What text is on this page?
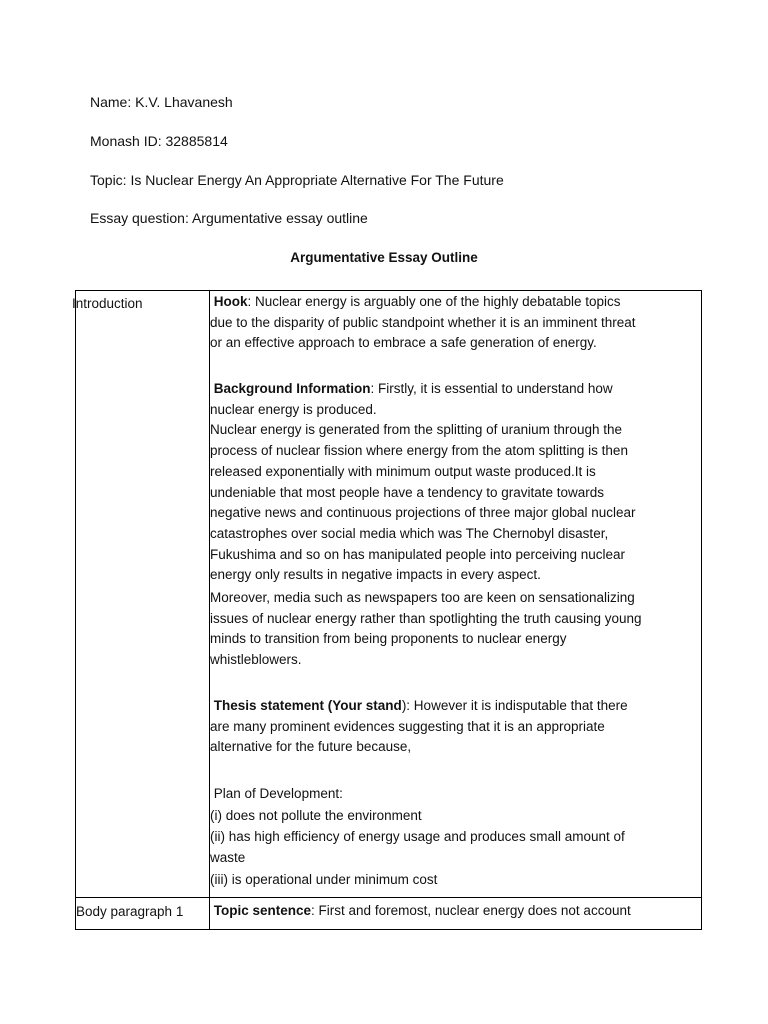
Name: K.V. Lhavanesh
Monash ID: 32885814
Topic: Is Nuclear Energy An Appropriate Alternative For The Future
Essay question: Argumentative essay outline
Argumentative Essay Outline
Introduction
Body paragraph 1

Hook: Nuclear energy is arguably one of the highly debatable topics

due to the disparity of public standpoint whether it is an imminent threat

or an effective approach to embrace a safe generation of energy.

Background Information: Firstly, it is essential to understand how

nuclear energy is produced.

Nuclear energy is generated from the splitting of uranium through the

process of nuclear fission where energy from the atom splitting is then

released exponentially with minimum output waste produced.It is

undeniable that most people have a tendency to gravitate towards

negative news and continuous projections of three major global nuclear

catastrophes over social media which was The Chernobyl disaster,

Fukushima and so on has manipulated people into perceiving nuclear

energy only results in negative impacts in every aspect.

Moreover, media such as newspapers too are keen on sensationalizing

issues of nuclear energy rather than spotlighting the truth causing young

minds to transition from being proponents to nuclear energy

whistleblowers.

Thesis statement (Your stand): However it is indisputable that there

are many prominent evidences suggesting that it is an appropriate

alternative for the future because,

Plan of Development:

(i) does not pollute the environment

(ii) has high efficiency of energy usage and produces small amount of

waste

(iii) is operational under minimum cost

Topic sentence: First and foremost, nuclear energy does not account
